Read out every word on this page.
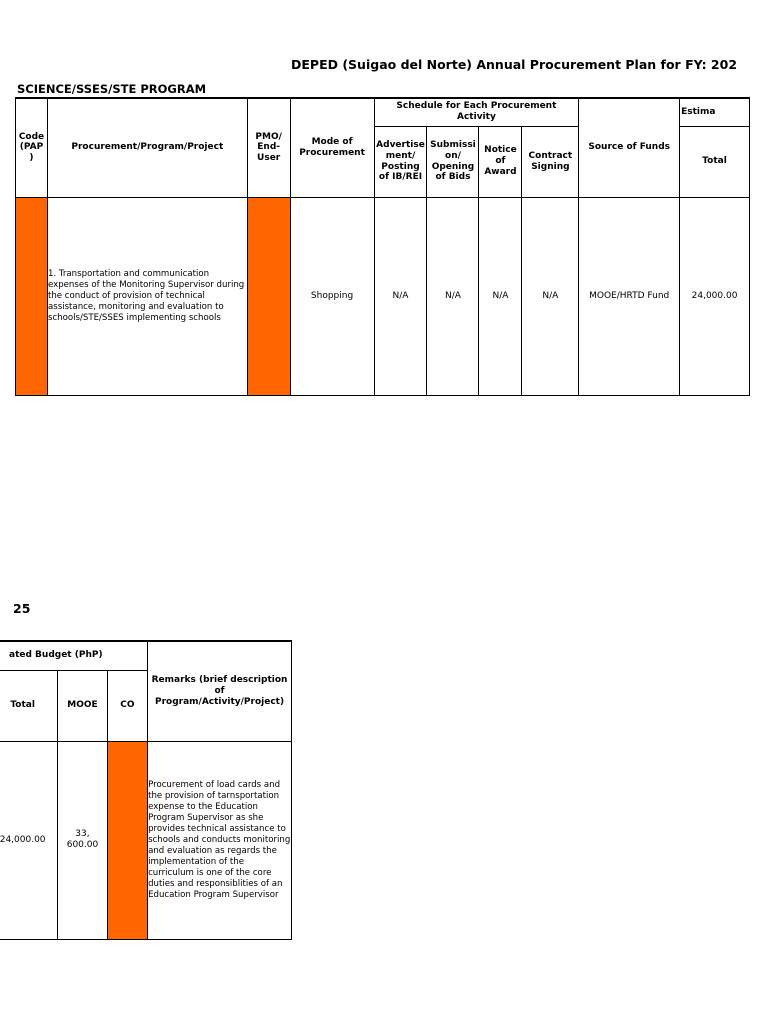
DEPED (Suigao del Norte) Annual Procurement Plan for FY: 202
SCIENCE/SSES/STE PROGRAM
Code (PAP )	Procurement/Program/Project	PMO/ End-User	Mode of Procurement	Schedule for Each Procurement Activity				Source of Funds	Estima
				Advertise ment/ Posting of IB/REI	Submissi on/ Opening of Bids	Notice of Award	Contract Signing		Total
	1. Transportation and communication expenses of the Monitoring Supervisor during the conduct of provision of technical assistance, monitoring and evaluation to schools/STE/SSES implementing schools		Shopping	N/A	N/A	N/A	N/A	MOOE/HRTD Fund	24,000.00
25
ated Budget (PhP)			Remarks (brief description of Program/Activity/Project)
Total	MOOE	CO	
24,000.00	33, 600.00		Procurement of load cards and the provision of tarnsportation expense to the Education Program Supervisor as she provides technical assistance to schools and conducts monitoring and evaluation as regards the implementation of the curriculum is one of the core duties and responsiblities of an Education Program Supervisor
